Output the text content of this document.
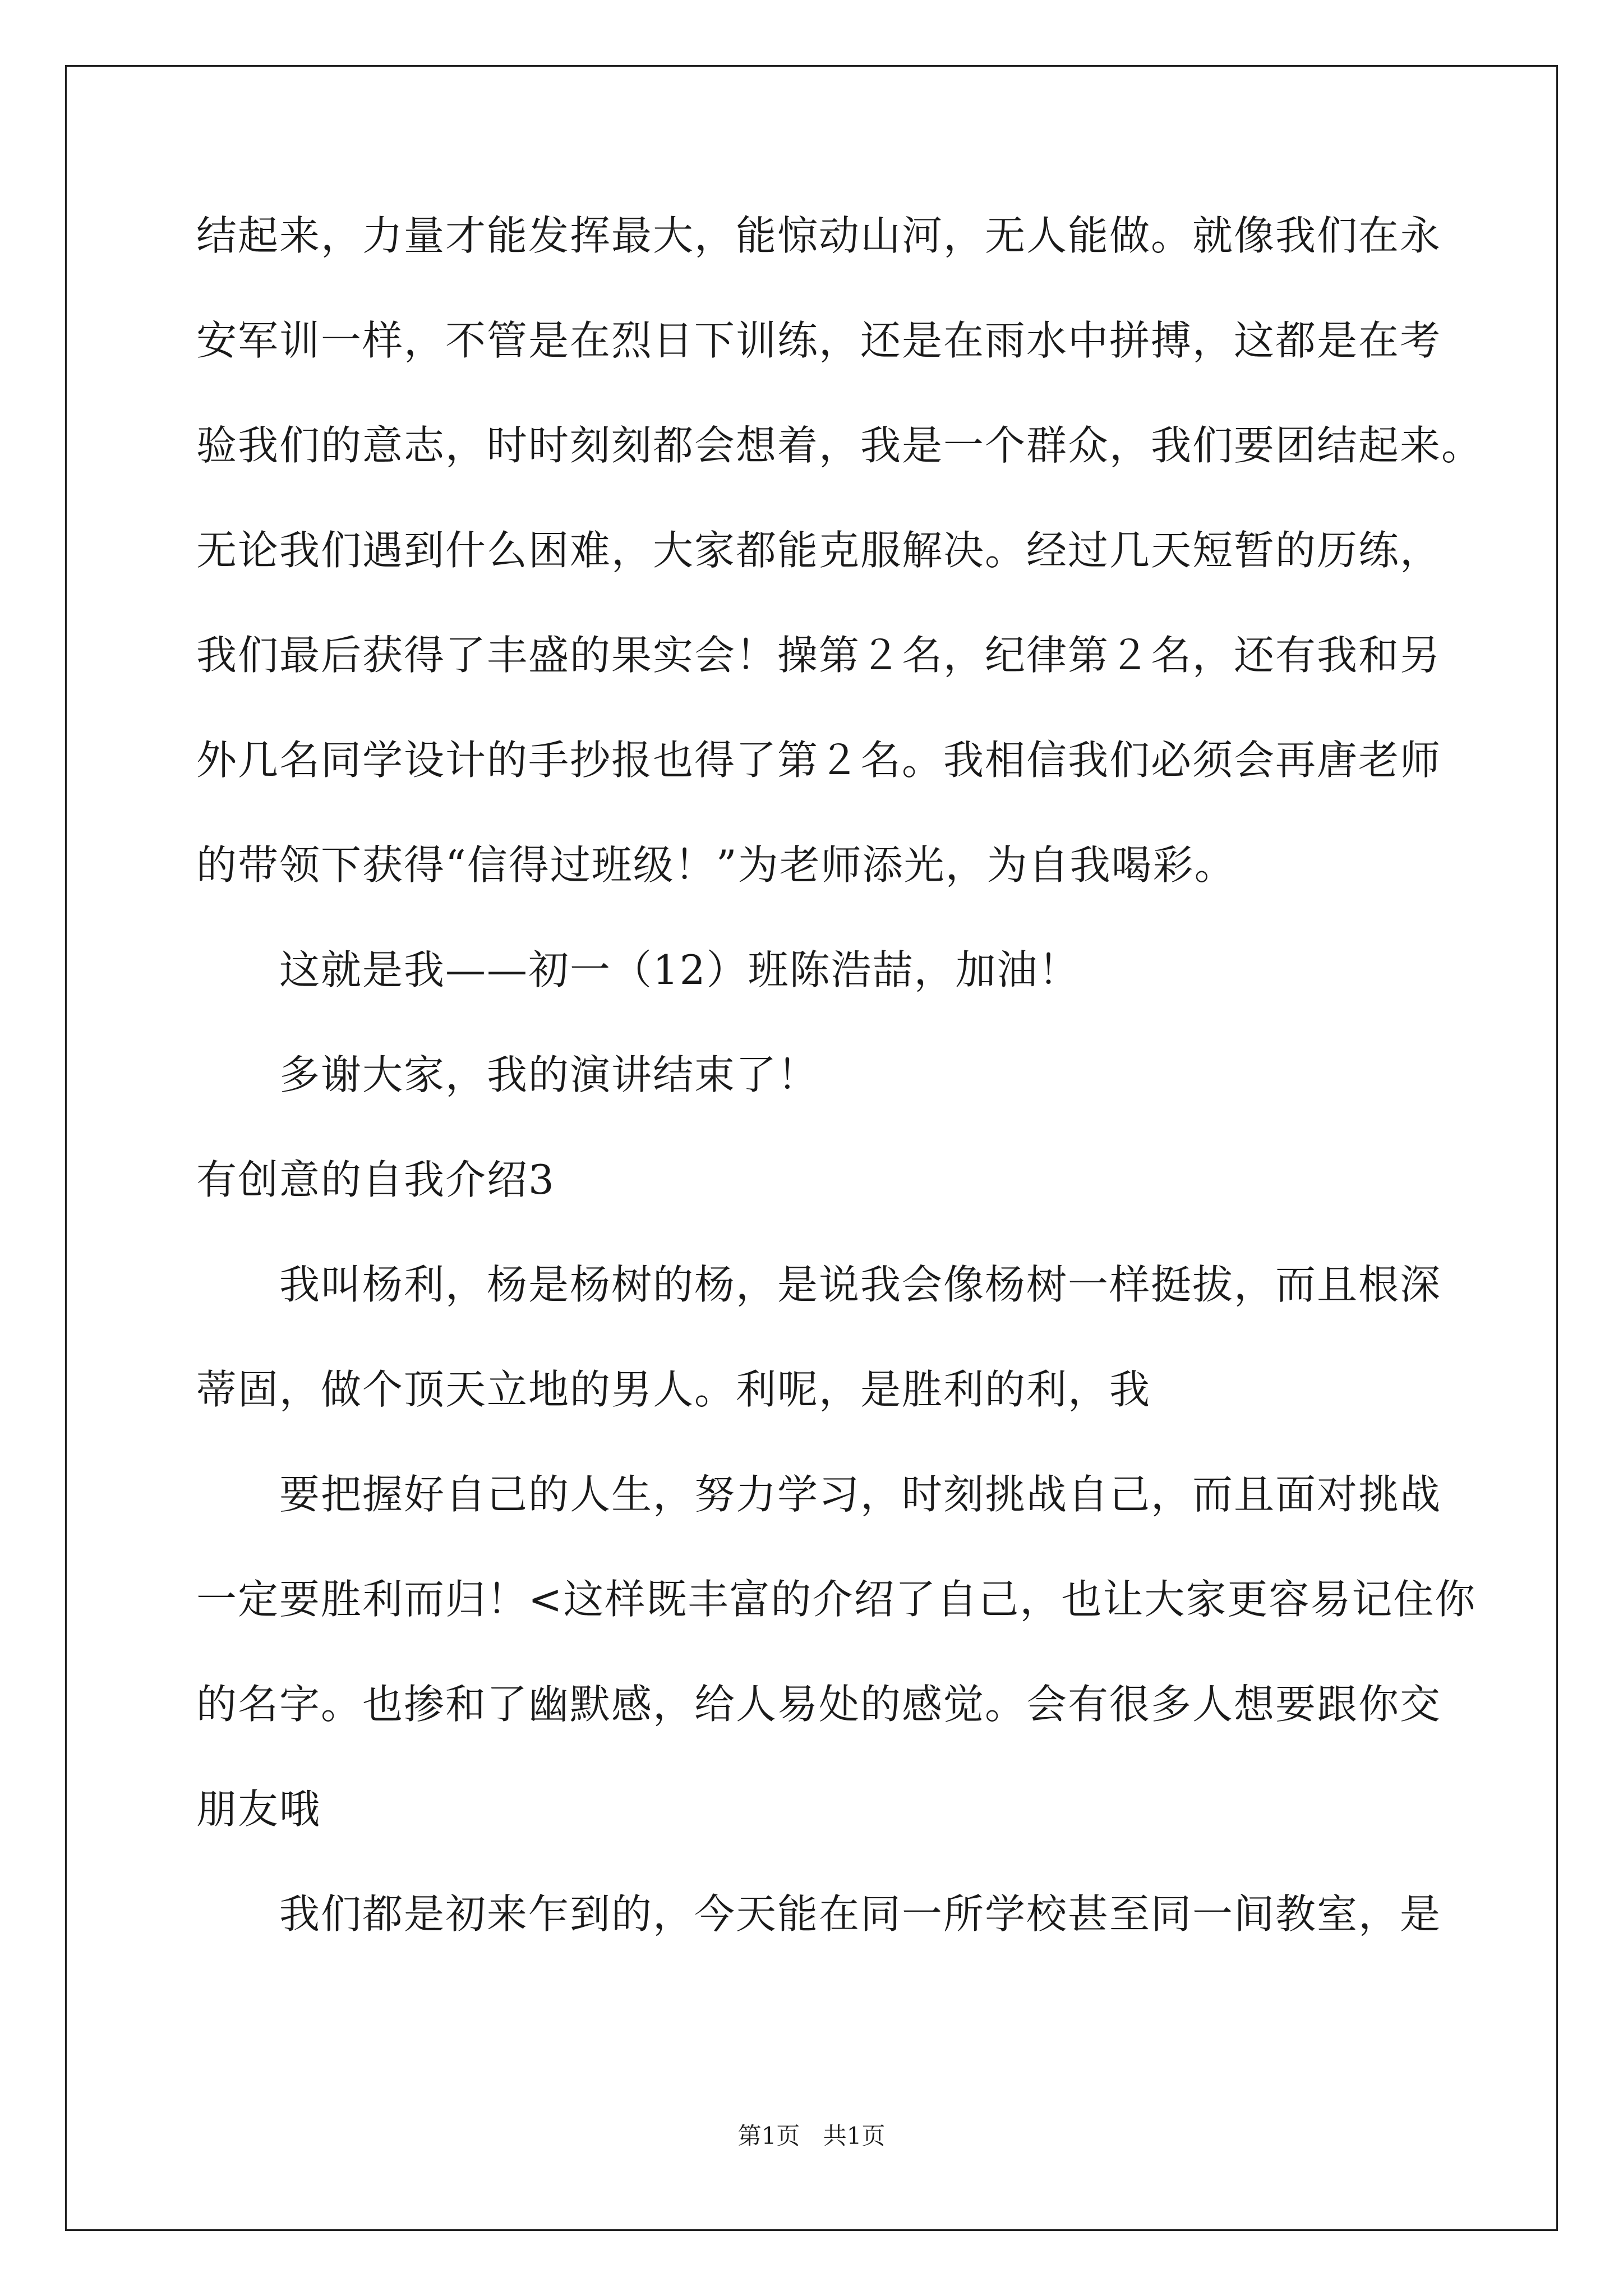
结起来，力量才能发挥最大，能惊动山河，无人能做。就像我们在永
安军训一样，不管是在烈日下训练，还是在雨水中拼搏，这都是在考
验我们的意志，时时刻刻都会想着，我是一个群众，我们要团结起来。
无论我们遇到什么困难，大家都能克服解决。经过几天短暂的历练，
我们最后获得了丰盛的果实会！操第２名，纪律第２名，还有我和另
外几名同学设计的手抄报也得了第２名。我相信我们必须会再唐老师
的带领下获得“信得过班级！”为老师添光，为自我喝彩。
这就是我——初一（12）班陈浩喆，加油！
多谢大家，我的演讲结束了！
有创意的自我介绍3
我叫杨利，杨是杨树的杨，是说我会像杨树一样挺拔，而且根深
蒂固，做个顶天立地的男人。利呢，是胜利的利，我
要把握好自己的人生，努力学习，时刻挑战自己，而且面对挑战
一定要胜利而归！<这样既丰富的介绍了自己，也让大家更容易记住你
的名字。也掺和了幽默感，给人易处的感觉。会有很多人想要跟你交
朋友哦
我们都是初来乍到的，今天能在同一所学校甚至同一间教室，是
第1页 共1页
